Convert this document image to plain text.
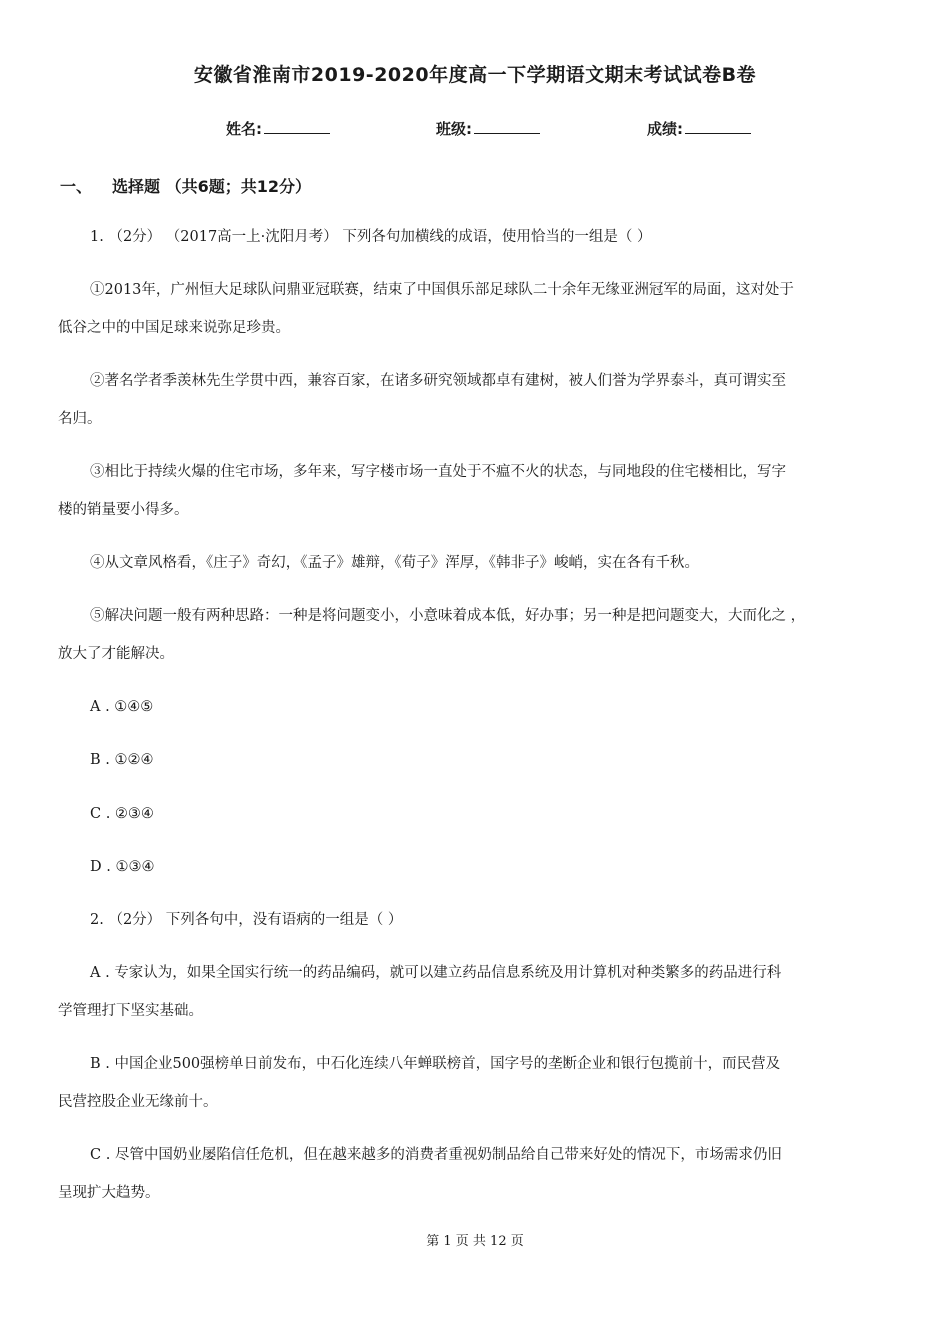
安徽省淮南市2019-2020年度高一下学期语文期末考试试卷B卷
姓名:	班级:	成绩:
一、 选择题 （共6题；共12分）
1. （2分） （2017高一上·沈阳月考） 下列各句加横线的成语，使用恰当的一组是（ ）
①2013年，广州恒大足球队问鼎亚冠联赛，结束了中国俱乐部足球队二十余年无缘亚洲冠军的局面，这对处于
低谷之中的中国足球来说弥足珍贵。
②著名学者季羡林先生学贯中西，兼容百家，在诸多研究领域都卓有建树，被人们誉为学界泰斗，真可谓实至
名归。
③相比于持续火爆的住宅市场，多年来，写字楼市场一直处于不瘟不火的状态，与同地段的住宅楼相比，写字
楼的销量要小得多。
④从文章风格看，《庄子》奇幻，《孟子》雄辩，《荀子》浑厚，《韩非子》峻峭，实在各有千秋。
⑤解决问题一般有两种思路：一种是将问题变小，小意味着成本低，好办事；另一种是把问题变大，大而化之 ，
放大了才能解决。
A . ①④⑤
B . ①②④
C . ②③④
D . ①③④
2. （2分） 下列各句中，没有语病的一组是（ ）
A . 专家认为，如果全国实行统一的药品编码，就可以建立药品信息系统及用计算机对种类繁多的药品进行科
学管理打下坚实基础。
B . 中国企业500强榜单日前发布，中石化连续八年蝉联榜首，国字号的垄断企业和银行包揽前十，而民营及
民营控股企业无缘前十。
C . 尽管中国奶业屡陷信任危机，但在越来越多的消费者重视奶制品给自己带来好处的情况下，市场需求仍旧
呈现扩大趋势。
第 1 页 共 12 页
